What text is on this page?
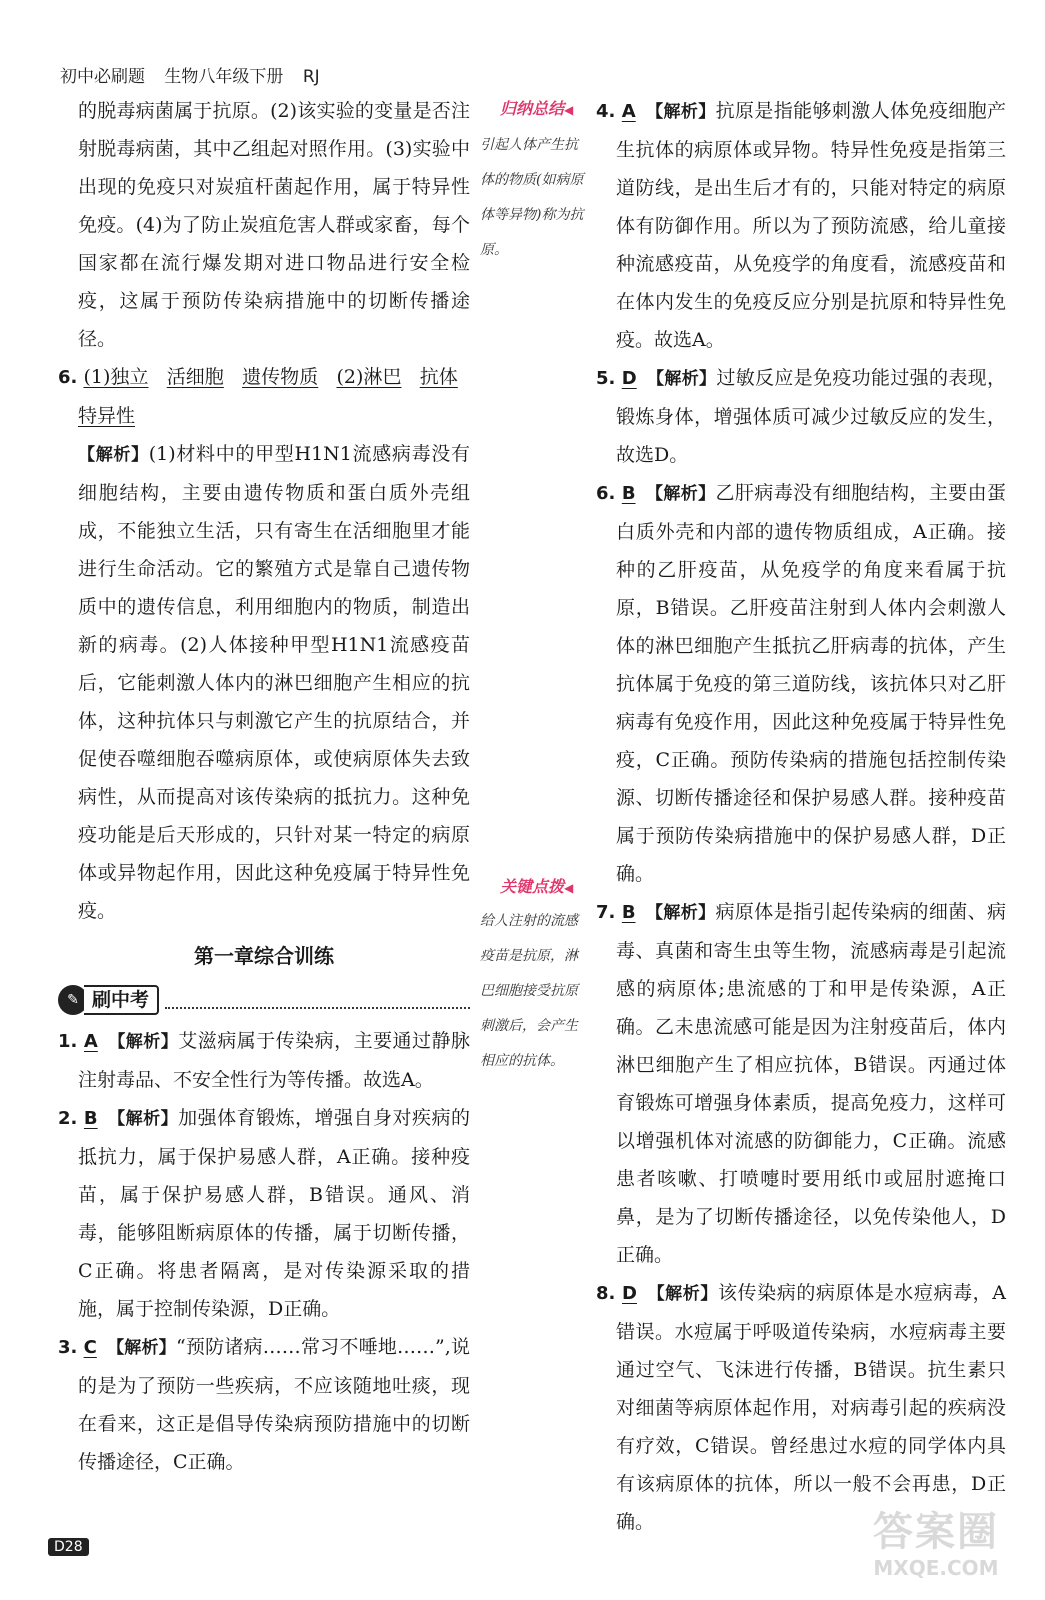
初中必刷题 生物八年级下册 RJ

的脱毒病菌属于抗原。(2)该实验的变量是否注射脱毒病菌，其中乙组起对照作用。(3)实验中出现的免疫只对炭疽杆菌起作用，属于特异性免疫。(4)为了防止炭疽危害人群或家畜，每个国家都在流行爆发期对进口物品进行安全检疫，这属于预防传染病措施中的切断传播途径。

6. (1)独立 活细胞 遗传物质 (2)淋巴 抗体   特异性

【解析】(1)材料中的甲型H1N1流感病毒没有细胞结构，主要由遗传物质和蛋白质外壳组成，不能独立生活，只有寄生在活细胞里才能进行生命活动。它的繁殖方式是靠自己遗传物质中的遗传信息，利用细胞内的物质，制造出新的病毒。(2)人体接种甲型H1N1流感疫苗后，它能刺激人体内的淋巴细胞产生相应的抗体，这种抗体只与刺激它产生的抗原结合，并促使吞噬细胞吞噬病原体，或使病原体失去致病性，从而提高对该传染病的抵抗力。这种免疫功能是后天形成的，只针对某一特定的病原体或异物起作用，因此这种免疫属于特异性免疫。

第一章综合训练
✎ 刷中考

1. A 【解析】艾滋病属于传染病，主要通过静脉注射毒品、不安全性行为等传播。故选A。

2. B 【解析】加强体育锻炼，增强自身对疾病的抵抗力，属于保护易感人群，A正确。接种疫苗，属于保护易感人群，B错误。通风、消毒，能够阻断病原体的传播，属于切断传播，C正确。将患者隔离，是对传染源采取的措施，属于控制传染源，D正确。

3. C 【解析】“预防诸病……常习不唾地……”,说的是为了预防一些疾病，不应该随地吐痰，现在看来，这正是倡导传染病预防措施中的切断传播途径，C正确。

归纳总结◀
引起人体产生抗体的物质(如病原体等异物)称为抗原。
关键点拨◀
给人注射的流感疫苗是抗原，淋巴细胞接受抗原刺激后，会产生相应的抗体。

4. A 【解析】抗原是指能够刺激人体免疫细胞产生抗体的病原体或异物。特异性免疫是指第三道防线，是出生后才有的，只能对特定的病原体有防御作用。所以为了预防流感，给儿童接种流感疫苗，从免疫学的角度看，流感疫苗和在体内发生的免疫反应分别是抗原和特异性免疫。故选A。

5. D 【解析】过敏反应是免疫功能过强的表现，锻炼身体，增强体质可减少过敏反应的发生，故选D。

6. B 【解析】乙肝病毒没有细胞结构，主要由蛋白质外壳和内部的遗传物质组成，A正确。接种的乙肝疫苗，从免疫学的角度来看属于抗原，B错误。乙肝疫苗注射到人体内会刺激人体的淋巴细胞产生抵抗乙肝病毒的抗体，产生抗体属于免疫的第三道防线，该抗体只对乙肝病毒有免疫作用，因此这种免疫属于特异性免疫，C正确。预防传染病的措施包括控制传染源、切断传播途径和保护易感人群。接种疫苗属于预防传染病措施中的保护易感人群，D正确。

7. B 【解析】病原体是指引起传染病的细菌、病毒、真菌和寄生虫等生物，流感病毒是引起流感的病原体;患流感的丁和甲是传染源，A正确。乙未患流感可能是因为注射疫苗后，体内淋巴细胞产生了相应抗体，B错误。丙通过体育锻炼可增强身体素质，提高免疫力，这样可以增强机体对流感的防御能力，C正确。流感患者咳嗽、打喷嚏时要用纸巾或屈肘遮掩口鼻，是为了切断传播途径，以免传染他人，D正确。

8. D 【解析】该传染病的病原体是水痘病毒，A错误。水痘属于呼吸道传染病，水痘病毒主要通过空气、飞沫进行传播，B错误。抗生素只对细菌等病原体起作用，对病毒引起的疾病没有疗效，C错误。曾经患过水痘的同学体内具有该病原体的抗体，所以一般不会再患，D正确。

D28	答案圈
MXQE.COM
